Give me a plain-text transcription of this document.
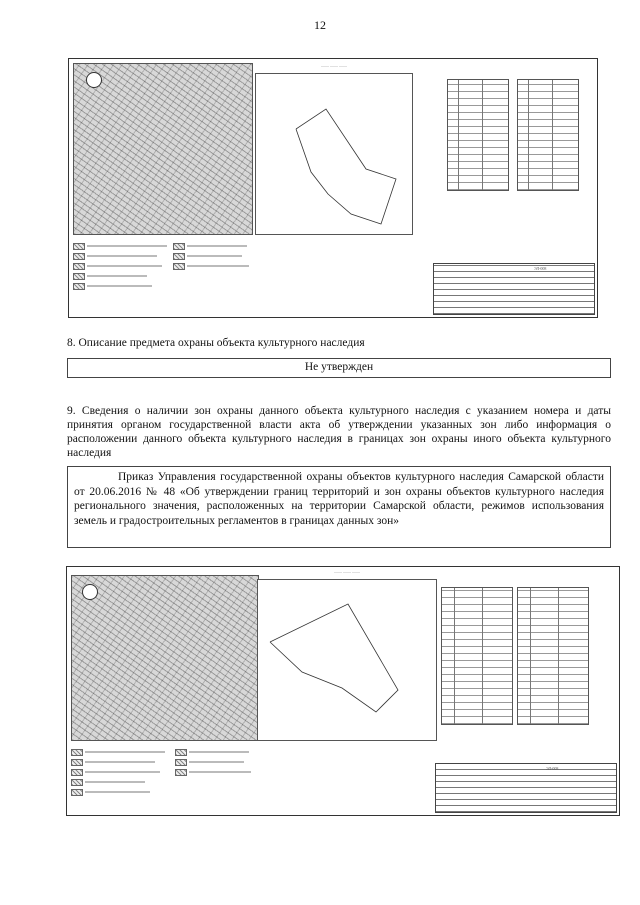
12
—— —— ——
ЭЛ-008
8. Описание предмета охраны объекта культурного наследия
Не утвержден
9. Сведения о наличии зон охраны данного объекта культурного наследия с указанием номера и даты принятия органом государственной власти акта об утверждении указанных зон либо информация о расположении данного объекта культурного наследия в границах зон охраны иного объекта культурного наследия
Приказ Управления государственной охраны объектов культурного наследия Самарской области от 20.06.2016 № 48 «Об утверждении границ территорий и зон охраны объектов культурного наследия регионального значения, расположенных на территории Самарской области, режимов использования земель и градостроительных регламентов в границах данных зон»
—— —— ——
ЭЛ-008
